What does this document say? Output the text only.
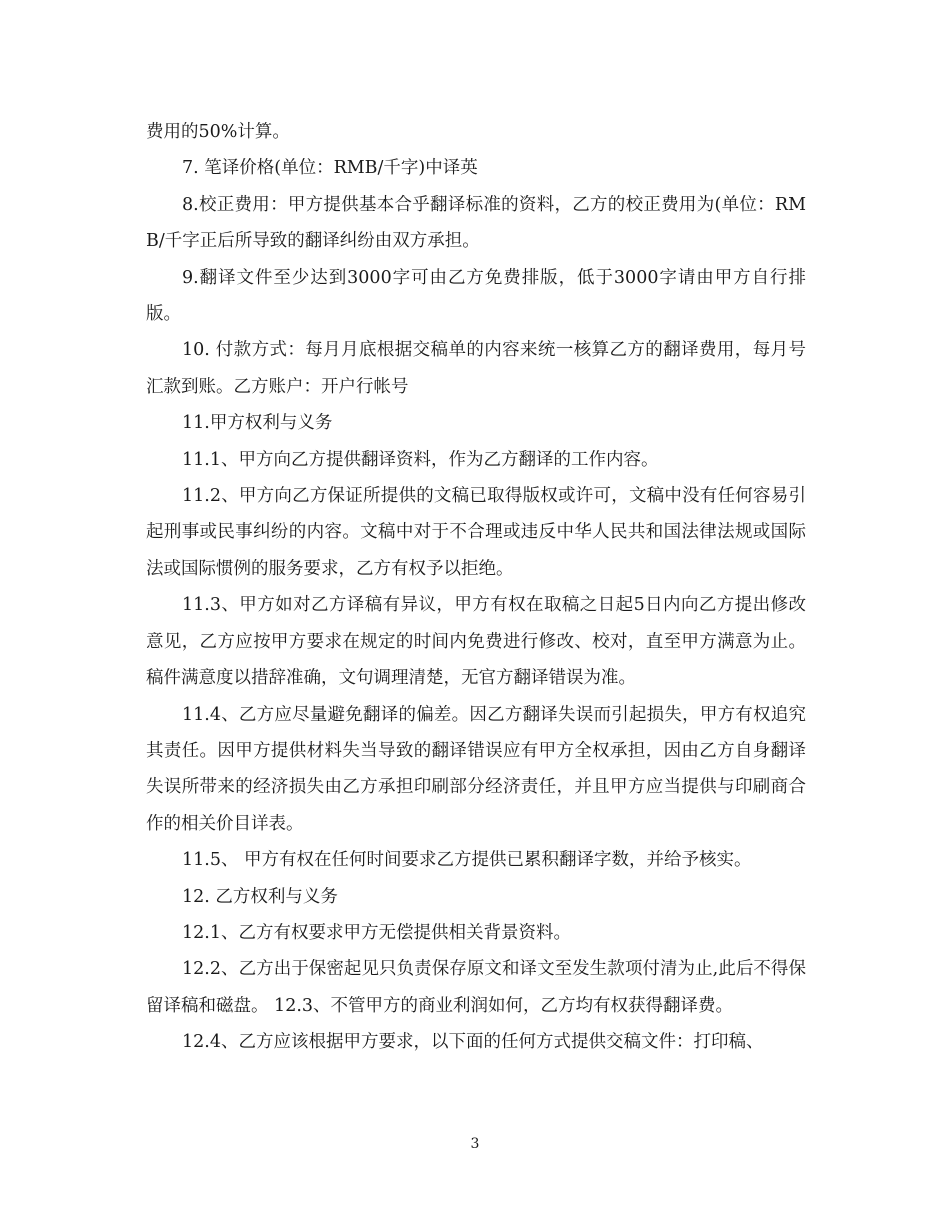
费用的50%计算。

7. 笔译价格(单位：RMB/千字)中译英

8.校正费用：甲方提供基本合乎翻译标准的资料，乙方的校正费用为(单位：RMB/千字正后所导致的翻译纠纷由双方承担。

9.翻译文件至少达到3000字可由乙方免费排版，低于3000字请由甲方自行排版。

10. 付款方式：每月月底根据交稿单的内容来统一核算乙方的翻译费用，每月号汇款到账。乙方账户：开户行帐号

11.甲方权利与义务

11.1、甲方向乙方提供翻译资料，作为乙方翻译的工作内容。

11.2、甲方向乙方保证所提供的文稿已取得版权或许可，文稿中没有任何容易引起刑事或民事纠纷的内容。文稿中对于不合理或违反中华人民共和国法律法规或国际法或国际惯例的服务要求，乙方有权予以拒绝。

11.3、甲方如对乙方译稿有异议，甲方有权在取稿之日起5日内向乙方提出修改意见，乙方应按甲方要求在规定的时间内免费进行修改、校对，直至甲方满意为止。稿件满意度以措辞准确，文句调理清楚，无官方翻译错误为准。

11.4、乙方应尽量避免翻译的偏差。因乙方翻译失误而引起损失，甲方有权追究其责任。因甲方提供材料失当导致的翻译错误应有甲方全权承担，因由乙方自身翻译失误所带来的经济损失由乙方承担印刷部分经济责任，并且甲方应当提供与印刷商合作的相关价目详表。

11.5、 甲方有权在任何时间要求乙方提供已累积翻译字数，并给予核实。

12. 乙方权利与义务

12.1、乙方有权要求甲方无偿提供相关背景资料。

12.2、乙方出于保密起见只负责保存原文和译文至发生款项付清为止,此后不得保留译稿和磁盘。 12.3、不管甲方的商业利润如何，乙方均有权获得翻译费。

12.4、乙方应该根据甲方要求，以下面的任何方式提供交稿文件：打印稿、

3
